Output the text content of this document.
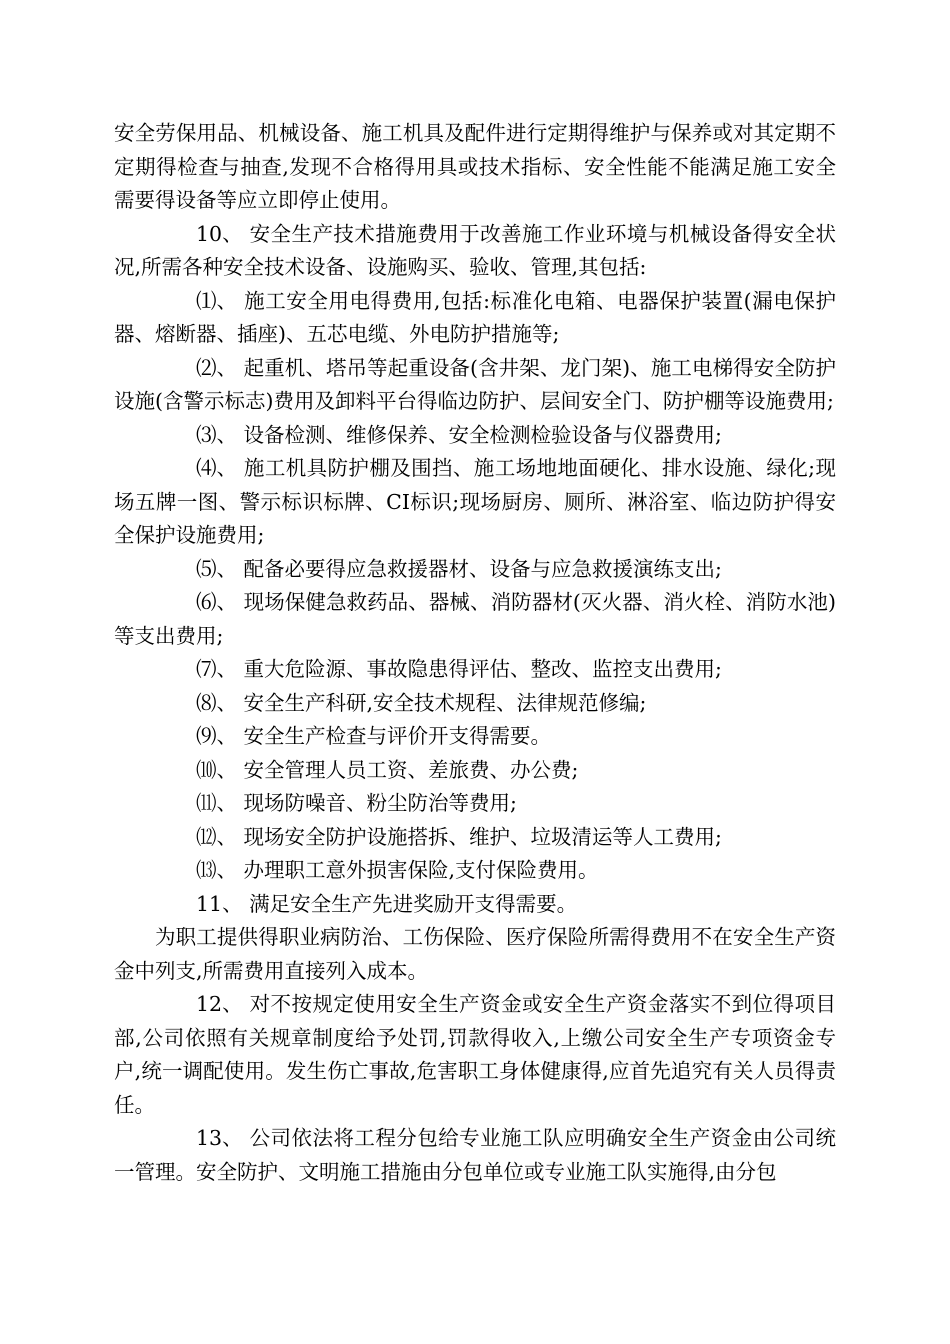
安全劳保用品、机械设备、施工机具及配件进行定期得维护与保养或对其定期不定期得检查与抽查,发现不合格得用具或技术指标、安全性能不能满足施工安全需要得设备等应立即停止使用。

10、 安全生产技术措施费用于改善施工作业环境与机械设备得安全状况,所需各种安全技术设备、设施购买、验收、管理,其包括:

⑴、 施工安全用电得费用,包括:标准化电箱、电器保护装置(漏电保护器、熔断器、插座)、五芯电缆、外电防护措施等;

⑵、 起重机、塔吊等起重设备(含井架、龙门架)、施工电梯得安全防护设施(含警示标志)费用及卸料平台得临边防护、层间安全门、防护棚等设施费用;

⑶、 设备检测、维修保养、安全检测检验设备与仪器费用;

⑷、 施工机具防护棚及围挡、施工场地地面硬化、排水设施、绿化;现场五牌一图、警示标识标牌、CI标识;现场厨房、厕所、淋浴室、临边防护得安全保护设施费用;

⑸、 配备必要得应急救援器材、设备与应急救援演练支出;

⑹、 现场保健急救药品、器械、消防器材(灭火器、消火栓、消防水池)等支出费用;

⑺、 重大危险源、事故隐患得评估、整改、监控支出费用;

⑻、 安全生产科研,安全技术规程、法律规范修编;

⑼、 安全生产检查与评价开支得需要。

⑽、 安全管理人员工资、差旅费、办公费;

⑾、 现场防噪音、粉尘防治等费用;

⑿、 现场安全防护设施搭拆、维护、垃圾清运等人工费用;

⒀、 办理职工意外损害保险,支付保险费用。

11、 满足安全生产先进奖励开支得需要。

为职工提供得职业病防治、工伤保险、医疗保险所需得费用不在安全生产资金中列支,所需费用直接列入成本。

12、 对不按规定使用安全生产资金或安全生产资金落实不到位得项目部,公司依照有关规章制度给予处罚,罚款得收入,上缴公司安全生产专项资金专户,统一调配使用。发生伤亡事故,危害职工身体健康得,应首先追究有关人员得责任。

13、 公司依法将工程分包给专业施工队应明确安全生产资金由公司统一管理。安全防护、文明施工措施由分包单位或专业施工队实施得,由分包
